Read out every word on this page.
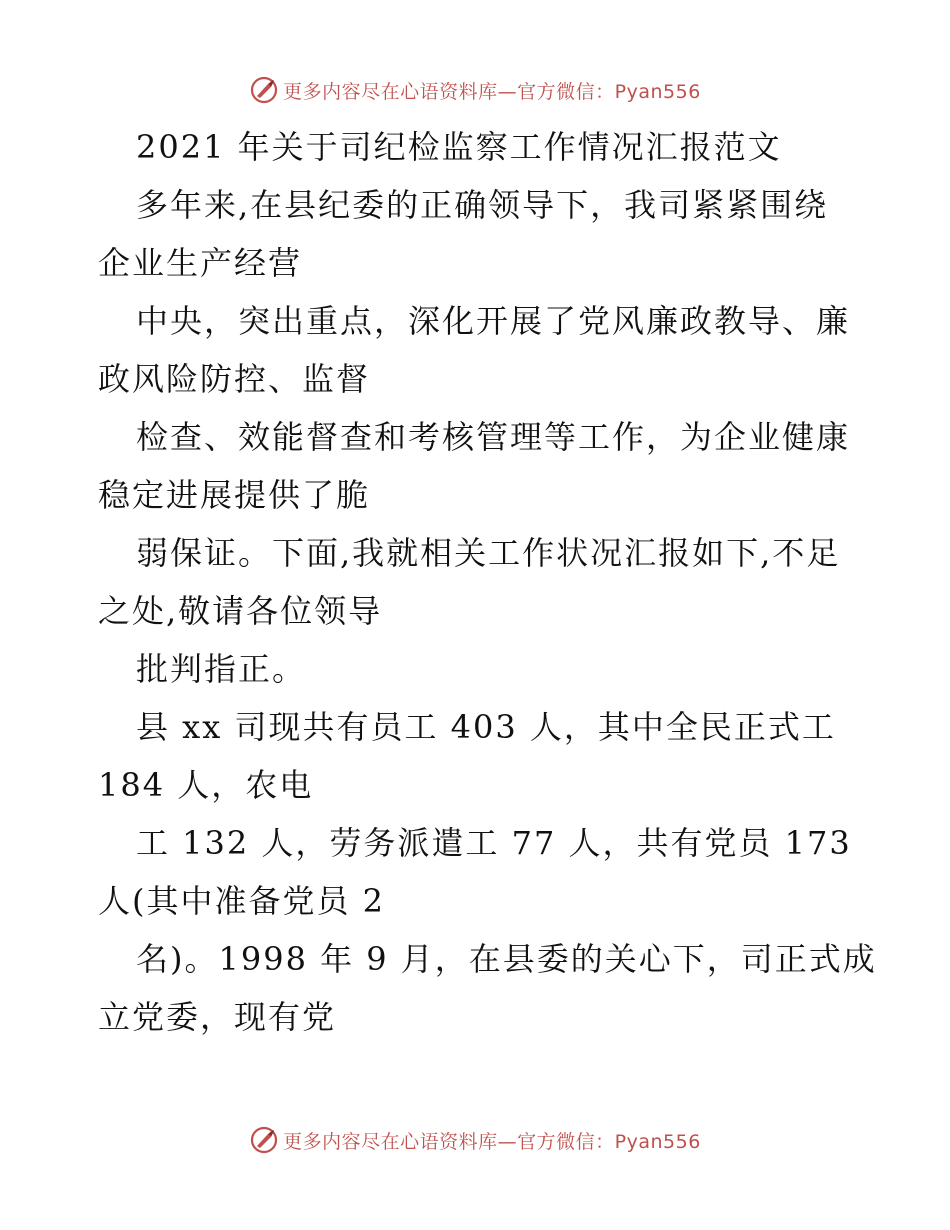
更多内容尽在心语资料库—官方微信：Pyan556
2021 年关于司纪检监察工作情况汇报范文
多年来,在县纪委的正确领导下，我司紧紧围绕
企业生产经营
中央，突出重点，深化开展了党风廉政教导、廉
政风险防控、监督
检查、效能督查和考核管理等工作，为企业健康
稳定进展提供了脆
弱保证。下面,我就相关工作状况汇报如下,不足
之处,敬请各位领导
批判指正。
县 xx 司现共有员工 403 人，其中全民正式工
184 人，农电
工 132 人，劳务派遣工 77 人，共有党员 173
人(其中准备党员 2
名)。1998 年 9 月，在县委的关心下，司正式成
立党委，现有党
更多内容尽在心语资料库—官方微信：Pyan556
